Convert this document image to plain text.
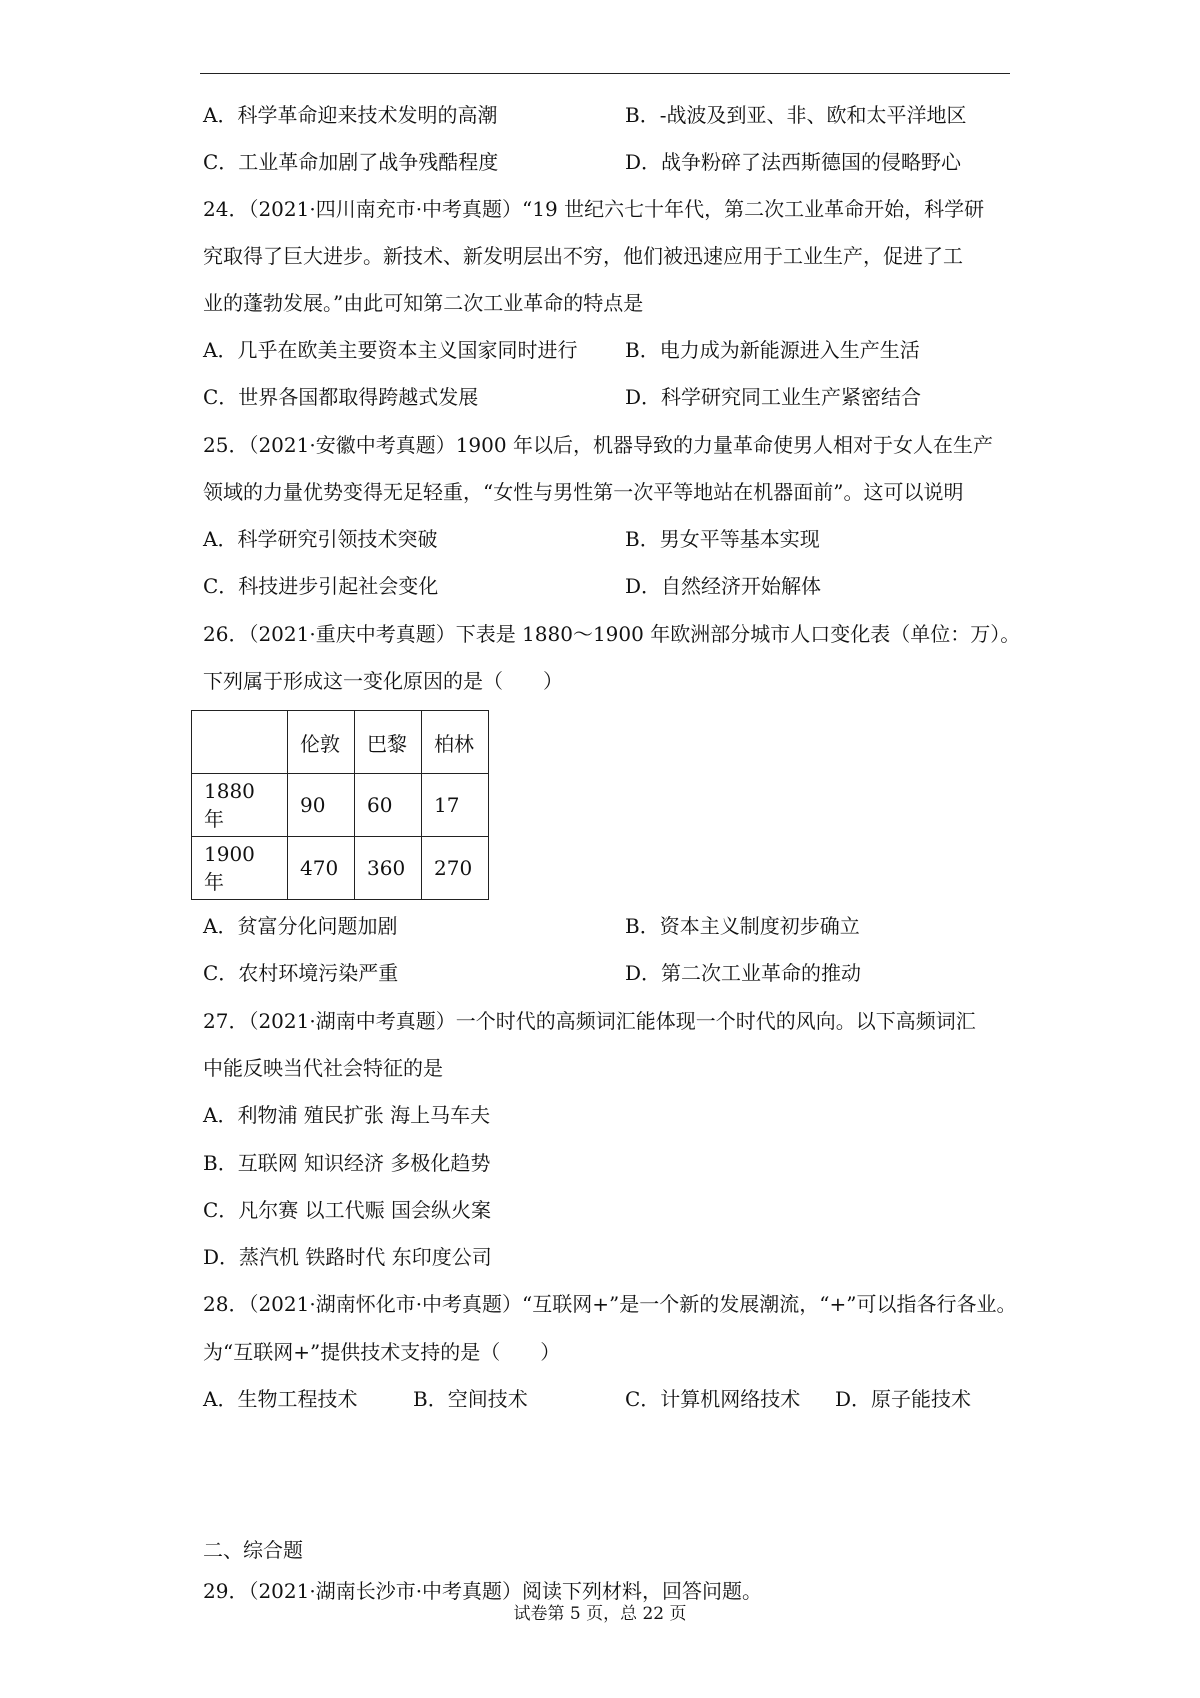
A．科学革命迎来技术发明的高潮	B．-战波及到亚、非、欧和太平洋地区
C．工业革命加剧了战争残酷程度	D．战争粉碎了法西斯德国的侵略野心
24．（2021·四川南充市·中考真题）“19 世纪六七十年代，第二次工业革命开始，科学研
究取得了巨大进步。新技术、新发明层出不穷，他们被迅速应用于工业生产，促进了工
业的蓬勃发展。”由此可知第二次工业革命的特点是
A．几乎在欧美主要资本主义国家同时进行 B．电力成为新能源进入生产生活
C．世界各国都取得跨越式发展	D．科学研究同工业生产紧密结合
25．（2021·安徽中考真题）1900 年以后，机器导致的力量革命使男人相对于女人在生产
领域的力量优势变得无足轻重，“女性与男性第一次平等地站在机器面前”。这可以说明
A．科学研究引领技术突破	B．男女平等基本实现
C．科技进步引起社会变化	D．自然经济开始解体
26．（2021·重庆中考真题）下表是 1880～1900 年欧洲部分城市人口变化表（单位：万）。
下列属于形成这一变化原因的是（　　）
	伦敦	巴黎	柏林
1880 年	90	60	17
1900 年	470	360	270
A．贫富分化问题加剧	B．资本主义制度初步确立
C．农村环境污染严重	D．第二次工业革命的推动
27．（2021·湖南中考真题）一个时代的高频词汇能体现一个时代的风向。以下高频词汇
中能反映当代社会特征的是
A．利物浦 殖民扩张 海上马车夫
B．互联网 知识经济 多极化趋势
C．凡尔赛 以工代赈 国会纵火案
D．蒸汽机 铁路时代 东印度公司
28．（2021·湖南怀化市·中考真题）“互联网+”是一个新的发展潮流，“+”可以指各行各业。
为“互联网+”提供技术支持的是（　　）
A．生物工程技术	B．空间技术	C．计算机网络技术 D．原子能技术
二、综合题
29．（2021·湖南长沙市·中考真题）阅读下列材料，回答问题。
试卷第 5 页，总 22 页
